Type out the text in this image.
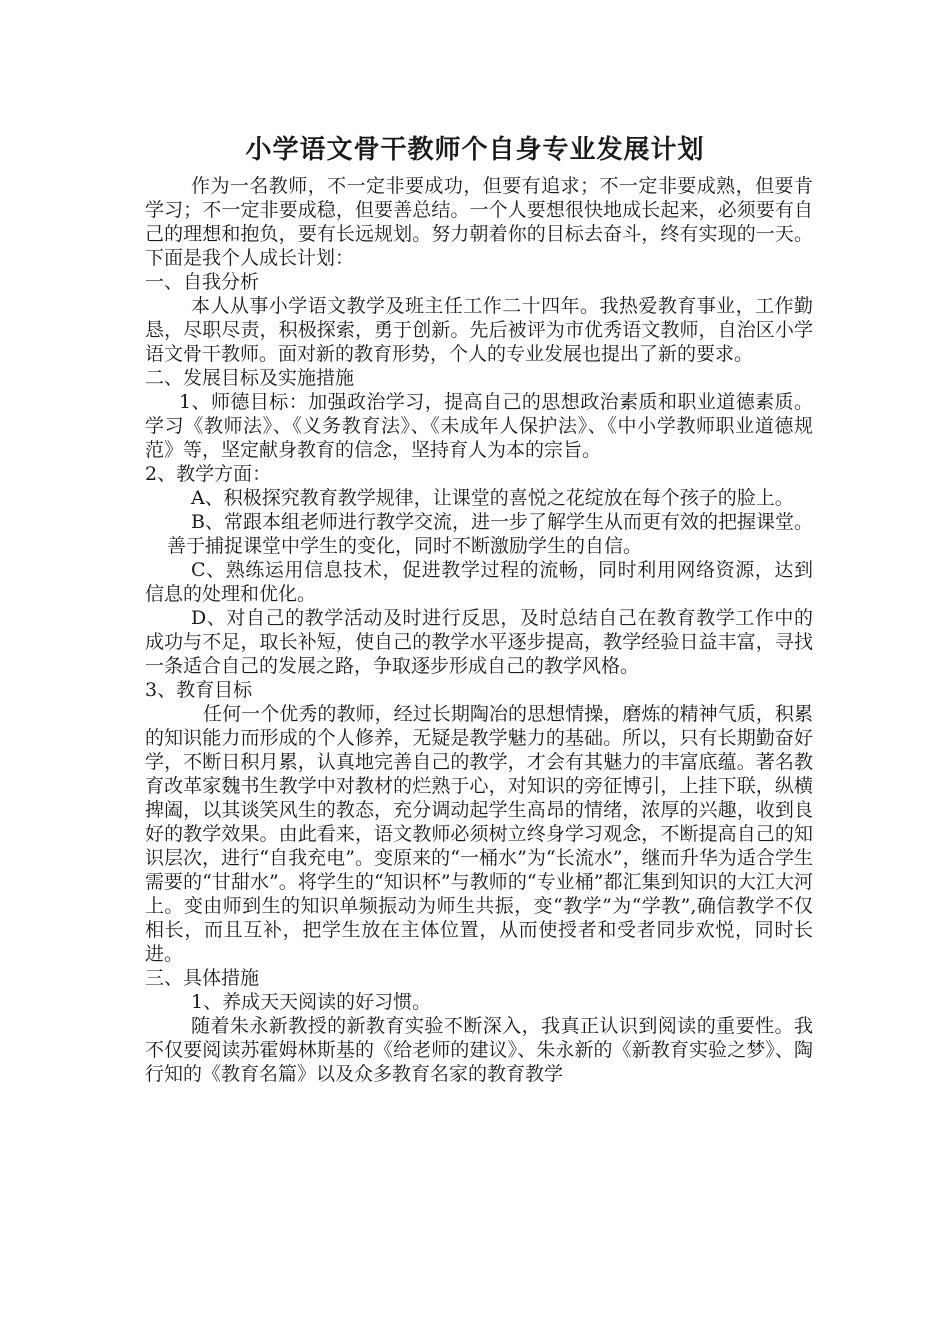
小学语文骨干教师个自身专业发展计划

作为一名教师，不一定非要成功，但要有追求；不一定非要成熟，但要肯学习；不一定非要成稳，但要善总结。一个人要想很快地成长起来，必须要有自己的理想和抱负，要有长远规划。努力朝着你的目标去奋斗，终有实现的一天。下面是我个人成长计划：

一、自我分析

本人从事小学语文教学及班主任工作二十四年。我热爱教育事业，工作勤恳，尽职尽责，积极探索，勇于创新。先后被评为市优秀语文教师，自治区小学语文骨干教师。面对新的教育形势，个人的专业发展也提出了新的要求。

二、发展目标及实施措施

1、师德目标：加强政治学习，提高自己的思想政治素质和职业道德素质。学习《教师法》、《义务教育法》、《未成年人保护法》、《中小学教师职业道德规范》等，坚定献身教育的信念，坚持育人为本的宗旨。

2、教学方面：

A、积极探究教育教学规律，让课堂的喜悦之花绽放在每个孩子的脸上。

B、常跟本组老师进行教学交流，进一步了解学生从而更有效的把握课堂。善于捕捉课堂中学生的变化，同时不断激励学生的自信。

C、熟练运用信息技术，促进教学过程的流畅，同时利用网络资源，达到信息的处理和优化。

D、对自己的教学活动及时进行反思，及时总结自己在教育教学工作中的成功与不足，取长补短，使自己的教学水平逐步提高，教学经验日益丰富，寻找一条适合自己的发展之路，争取逐步形成自己的教学风格。

3、教育目标

任何一个优秀的教师，经过长期陶冶的思想情操，磨炼的精神气质，积累的知识能力而形成的个人修养，无疑是教学魅力的基础。所以，只有长期勤奋好学，不断日积月累，认真地完善自己的教学，才会有其魅力的丰富底蕴。著名教育改革家魏书生教学中对教材的烂熟于心，对知识的旁征博引，上挂下联，纵横捭阖，以其谈笑风生的教态，充分调动起学生高昂的情绪，浓厚的兴趣，收到良好的教学效果。由此看来，语文教师必须树立终身学习观念，不断提高自己的知识层次，进行“自我充电”。变原来的“一桶水”为“长流水”，继而升华为适合学生需要的“甘甜水”。将学生的“知识杯”与教师的“专业桶”都汇集到知识的大江大河上。变由师到生的知识单频振动为师生共振，变“教学”为“学教”,确信教学不仅相长，而且互补，把学生放在主体位置，从而使授者和受者同步欢悦，同时长进。

三、具体措施

1、养成天天阅读的好习惯。

随着朱永新教授的新教育实验不断深入，我真正认识到阅读的重要性。我不仅要阅读苏霍姆林斯基的《给老师的建议》、朱永新的《新教育实验之梦》、陶行知的《教育名篇》以及众多教育名家的教育教学
